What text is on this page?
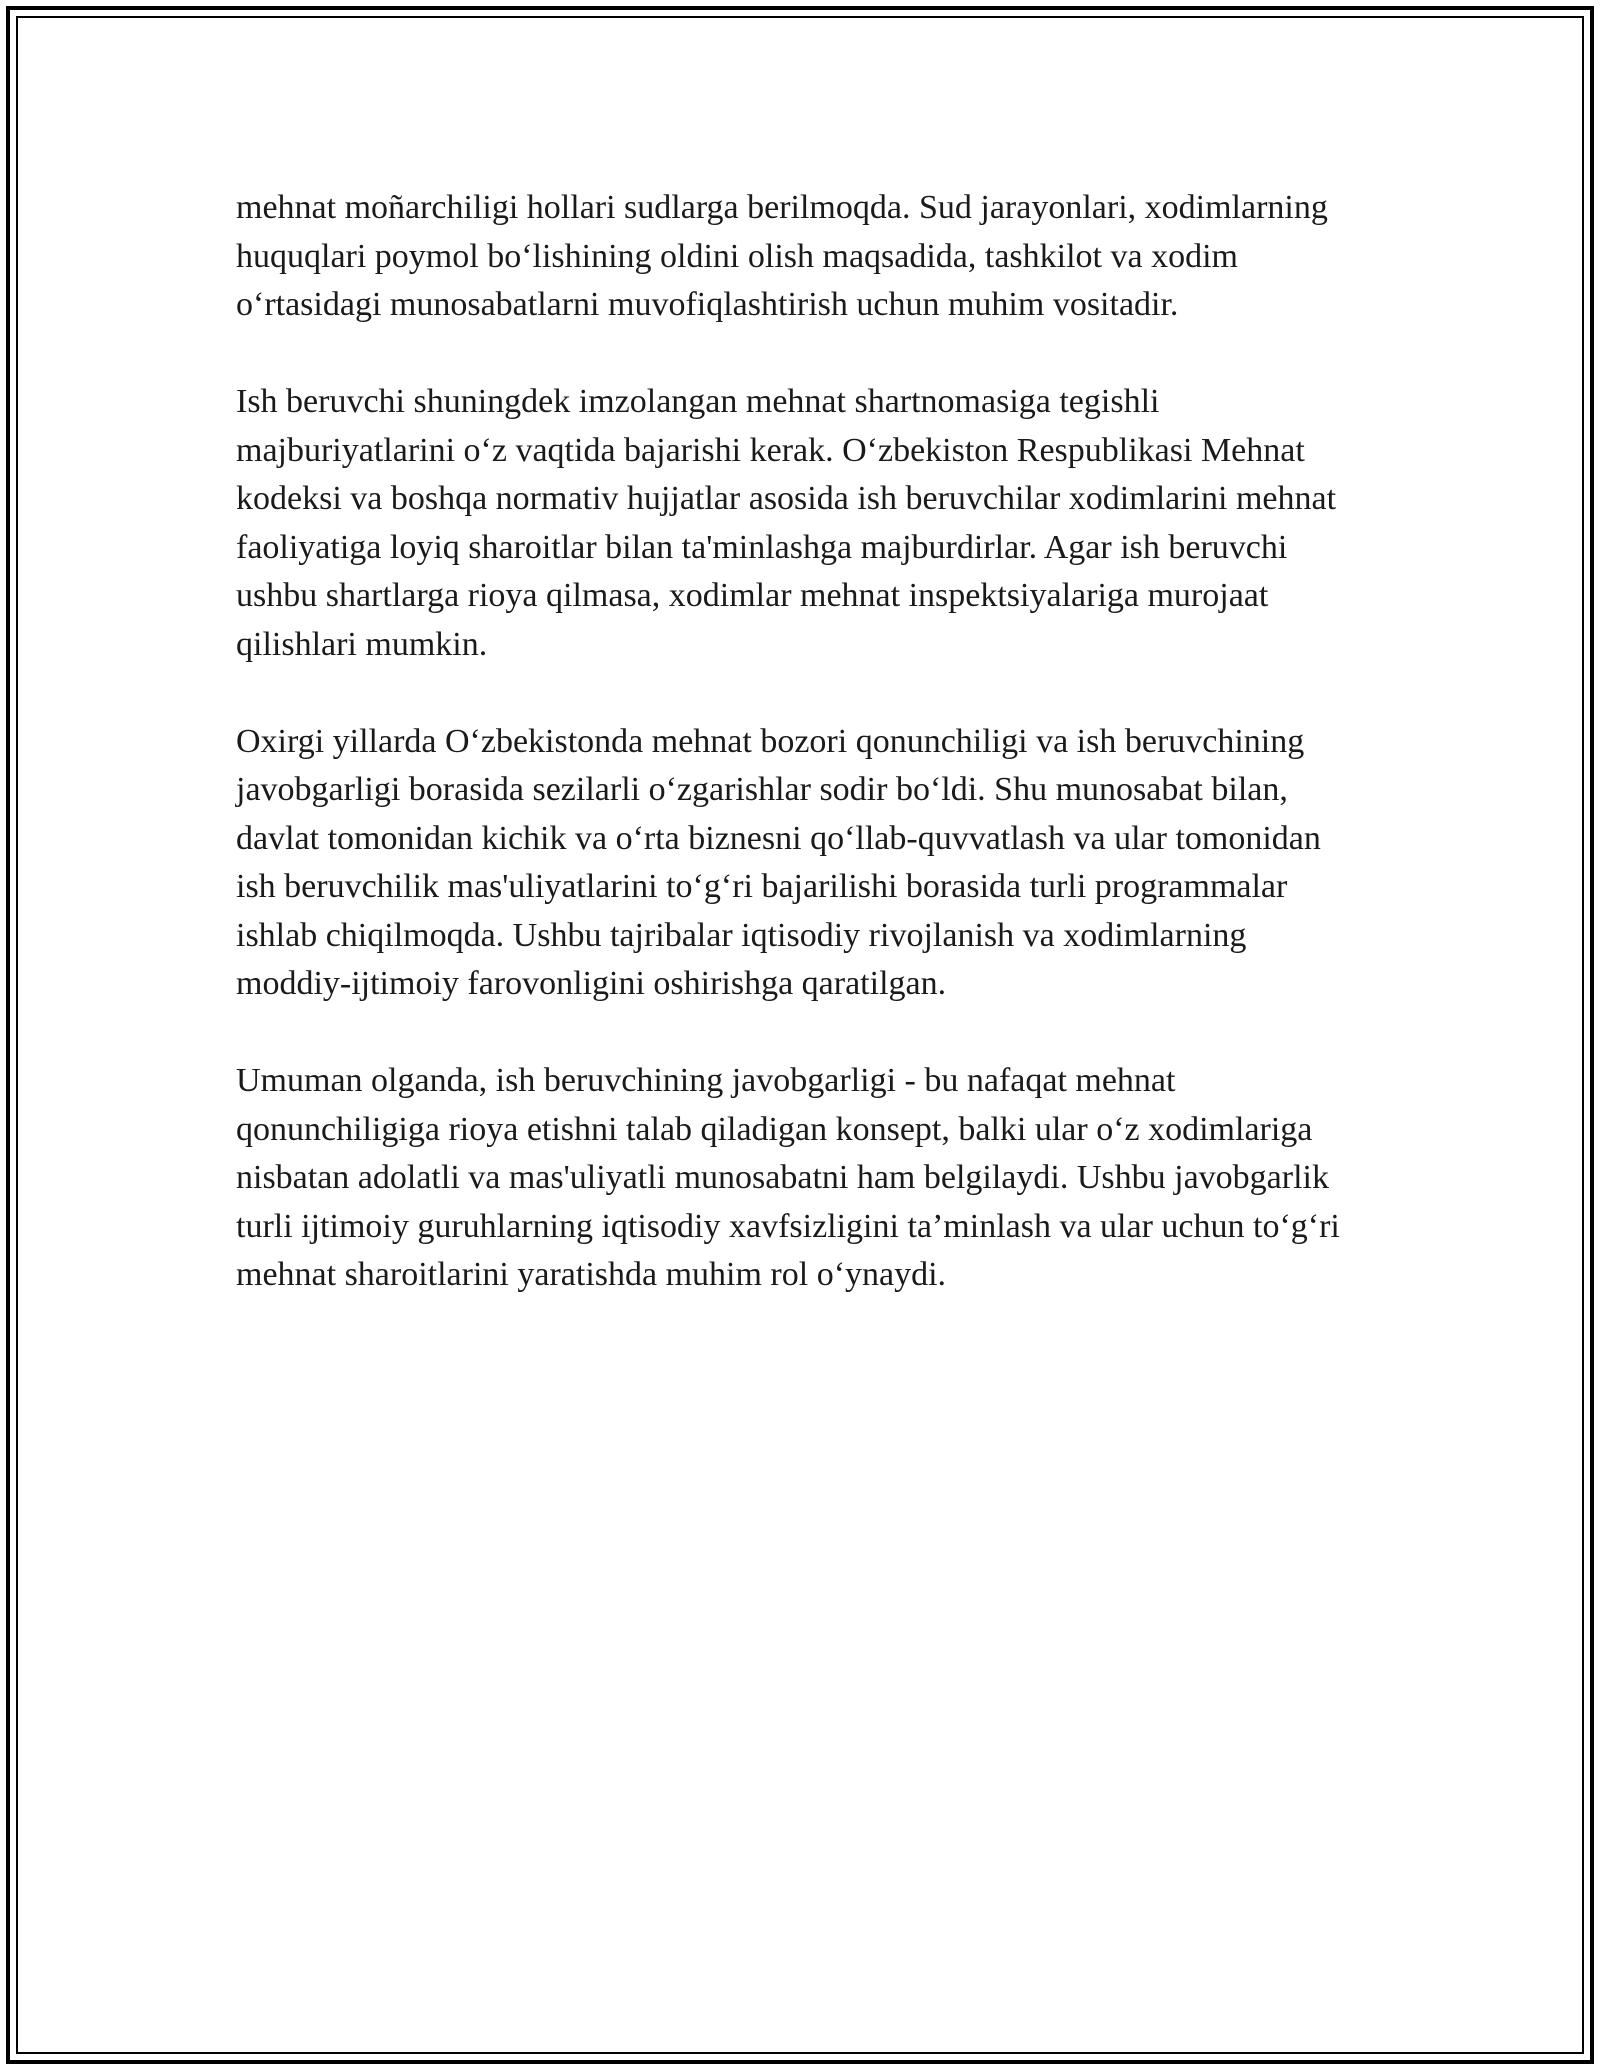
mehnat moñarchiligi hollari sudlarga berilmoqda. Sud jarayonlari, xodimlarning huquqlari poymol boʻlishining oldini olish maqsadida, tashkilot va xodim oʻrtasidagi munosabatlarni muvofiqlashtirish uchun muhim vositadir.

Ish beruvchi shuningdek imzolangan mehnat shartnomasiga tegishli majburiyatlarini oʻz vaqtida bajarishi kerak. Oʻzbekiston Respublikasi Mehnat kodeksi va boshqa normativ hujjatlar asosida ish beruvchilar xodimlarini mehnat faoliyatiga loyiq sharoitlar bilan ta'minlashga majburdirlar. Agar ish beruvchi ushbu shartlarga rioya qilmasa, xodimlar mehnat inspektsiyalariga murojaat qilishlari mumkin.

Oxirgi yillarda Oʻzbekistonda mehnat bozori qonunchiligi va ish beruvchining javobgarligi borasida sezilarli oʻzgarishlar sodir boʻldi. Shu munosabat bilan, davlat tomonidan kichik va oʻrta biznesni qoʻllab-quvvatlash va ular tomonidan ish beruvchilik mas'uliyatlarini toʻgʻri bajarilishi borasida turli programmalar ishlab chiqilmoqda. Ushbu tajribalar iqtisodiy rivojlanish va xodimlarning moddiy-ijtimoiy farovonligini oshirishga qaratilgan.

Umuman olganda, ish beruvchining javobgarligi - bu nafaqat mehnat qonunchiligiga rioya etishni talab qiladigan konsept, balki ular oʻz xodimlariga nisbatan adolatli va mas'uliyatli munosabatni ham belgilaydi. Ushbu javobgarlik turli ijtimoiy guruhlarning iqtisodiy xavfsizligini ta’minlash va ular uchun toʻgʻri mehnat sharoitlarini yaratishda muhim rol oʻynaydi.
